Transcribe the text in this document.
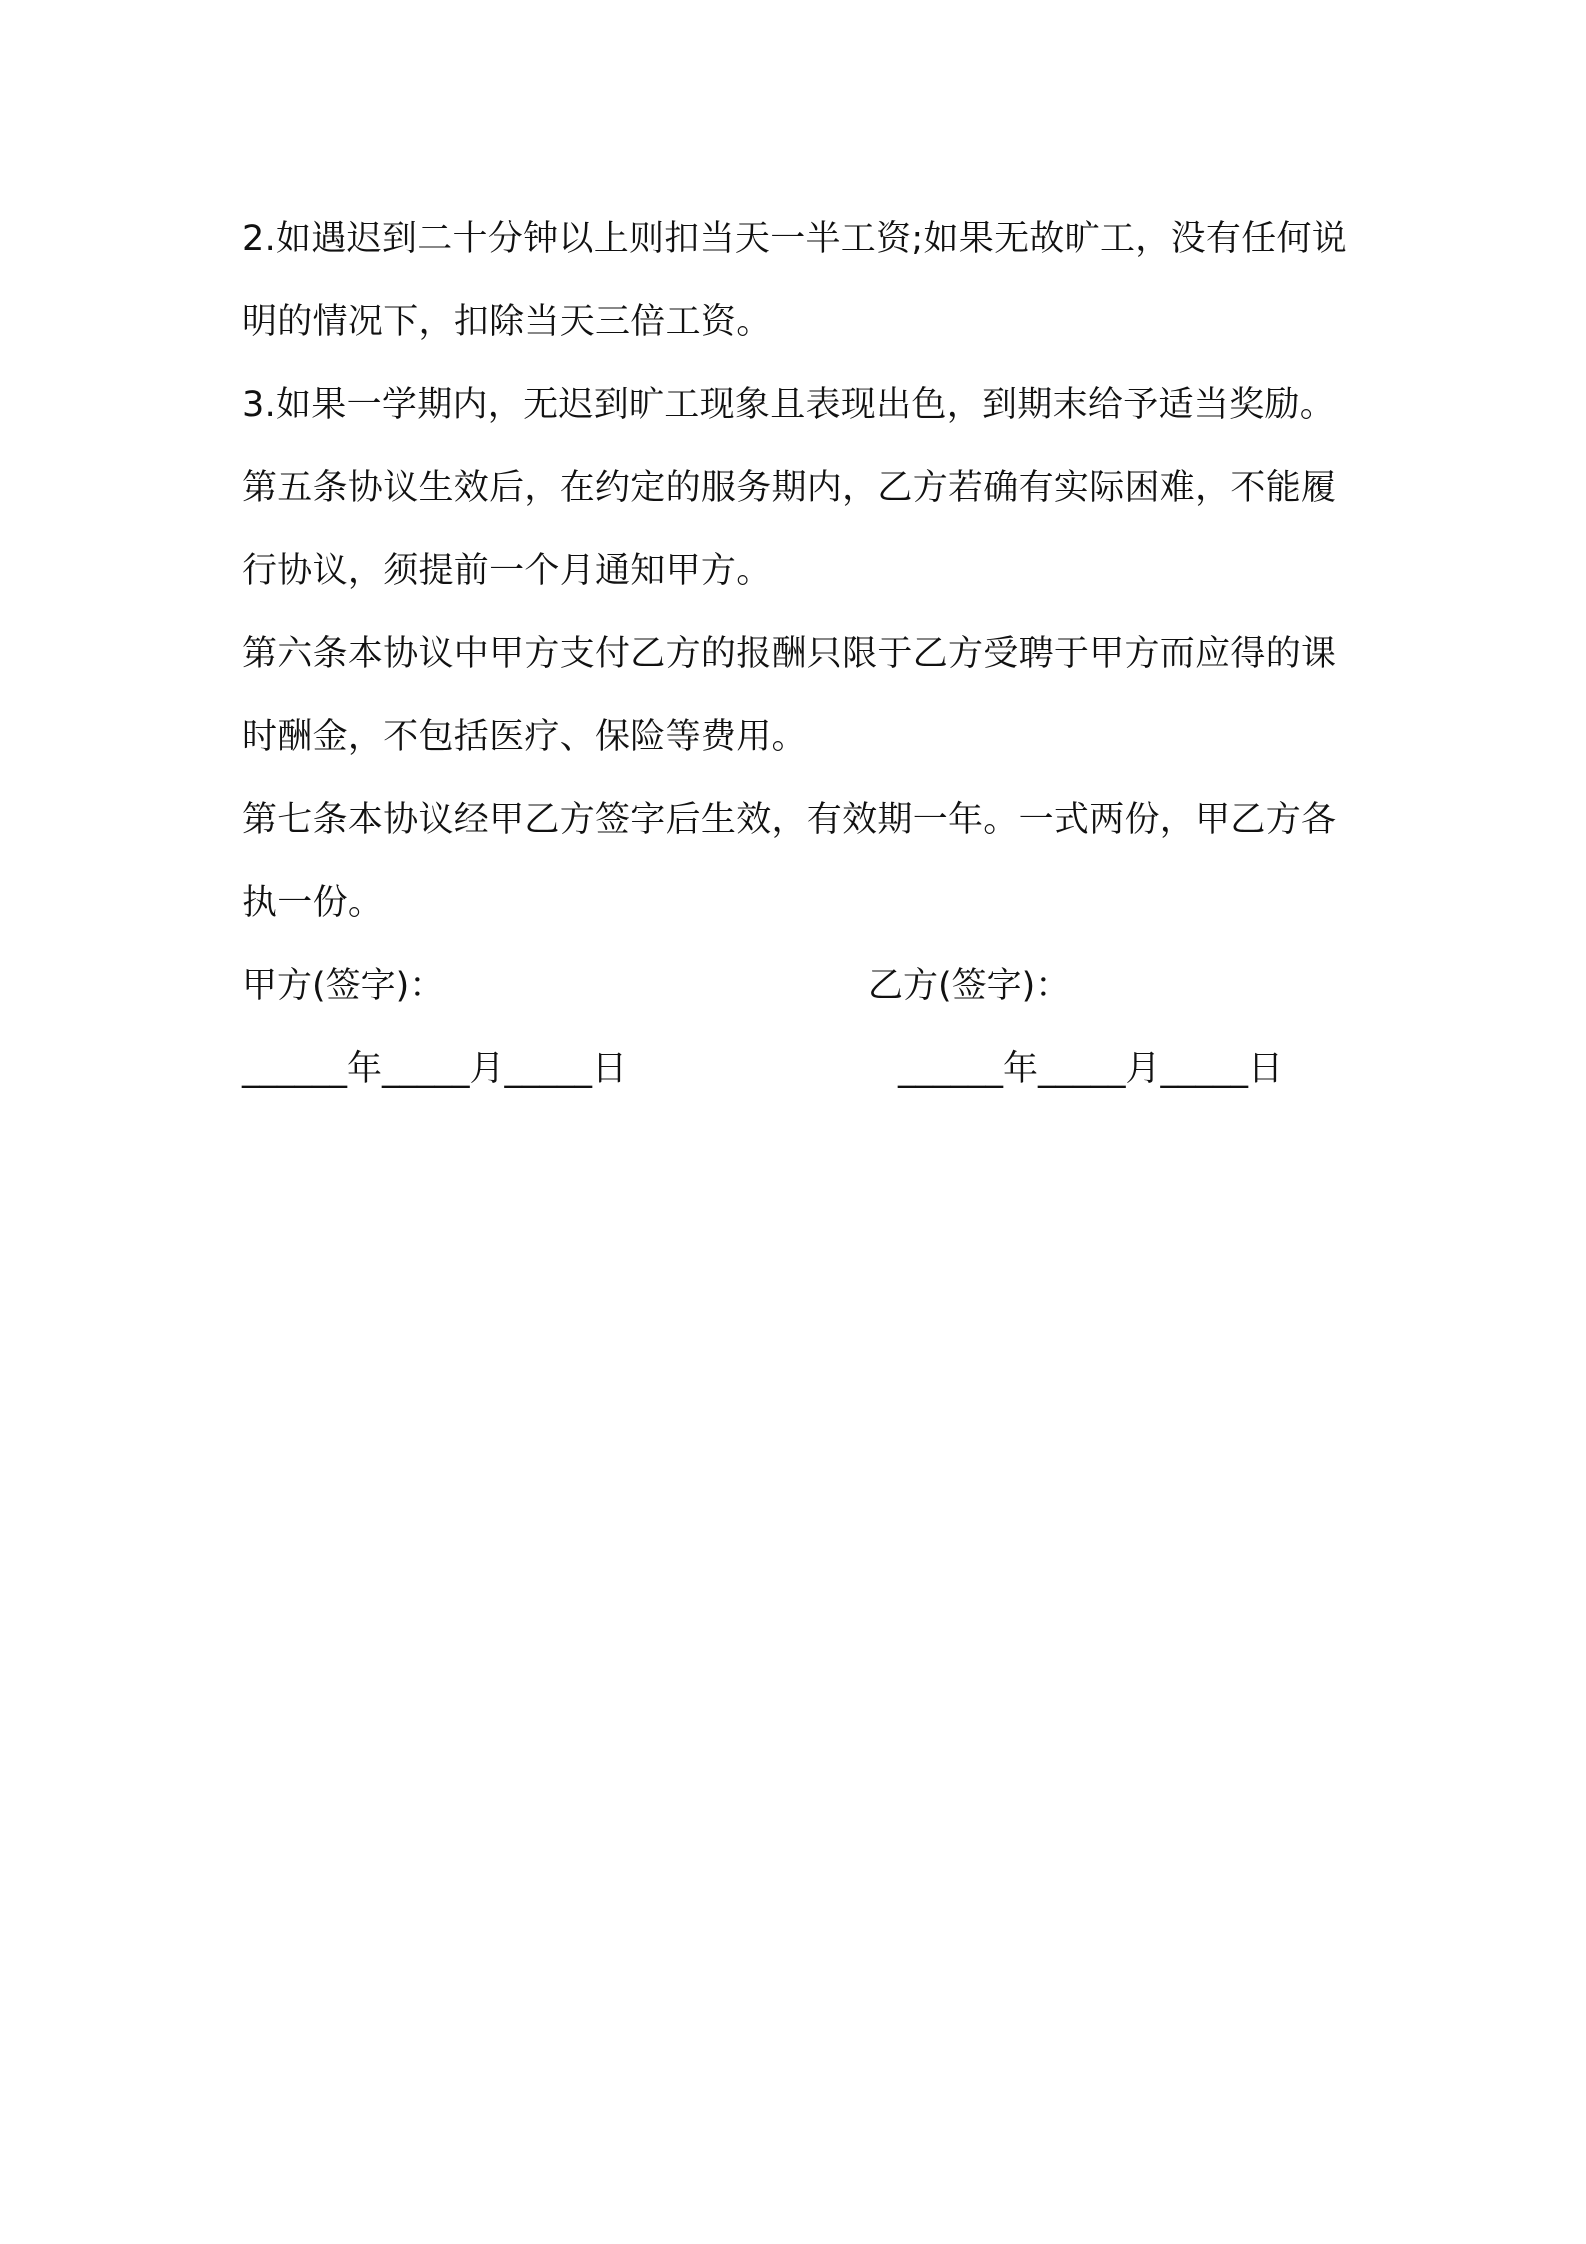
2.如遇迟到二十分钟以上则扣当天一半工资;如果无故旷工，没有任何说明的情况下，扣除当天三倍工资。

3.如果一学期内，无迟到旷工现象且表现出色，到期末给予适当奖励。

第五条协议生效后，在约定的服务期内，乙方若确有实际困难，不能履行协议，须提前一个月通知甲方。

第六条本协议中甲方支付乙方的报酬只限于乙方受聘于甲方而应得的课时酬金，不包括医疗、保险等费用。

第七条本协议经甲乙方签字后生效，有效期一年。一式两份，甲乙方各执一份。

甲方(签字)：	乙方(签字)：
______年_____月_____日	______年_____月_____日
